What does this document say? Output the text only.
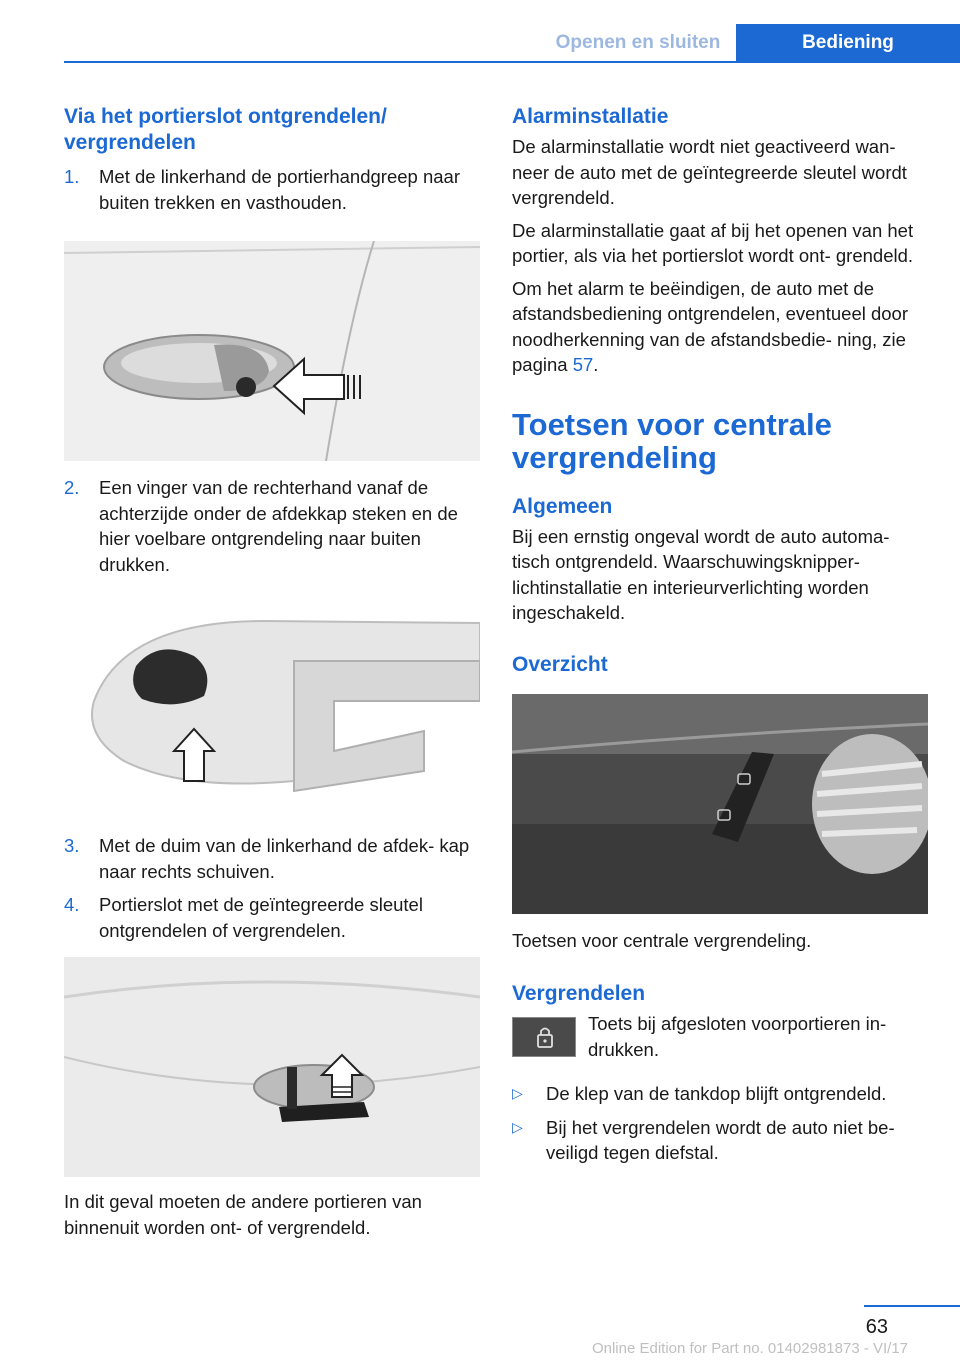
Openen en sluiten	Bediening
Via het portierslot ontgrendelen/ vergrendelen
1.	Met de linkerhand de portierhandgreep naar buiten trekken en vasthouden.
2.	Een vinger van de rechterhand vanaf de achterzijde onder de afdekkap steken en de hier voelbare ontgrendeling naar buiten drukken.
3.	Met de duim van de linkerhand de afdek‐ kap naar rechts schuiven.
4.	Portierslot met de geïntegreerde sleutel ontgrendelen of vergrendelen.

In dit geval moeten de andere portieren van binnenuit worden ont- of vergrendeld.

Alarminstallatie

De alarminstallatie wordt niet geactiveerd wan‐ neer de auto met de geïntegreerde sleutel wordt vergrendeld.

De alarminstallatie gaat af bij het openen van het portier, als via het portierslot wordt ont‐ grendeld.

Om het alarm te beëindigen, de auto met de afstandsbediening ontgrendelen, eventueel door noodherkenning van de afstandsbedie‐ ning, zie pagina 57.

Toetsen voor centrale vergrendeling
Algemeen

Bij een ernstig ongeval wordt de auto automa‐ tisch ontgrendeld. Waarschuwingsknipper‐ lichtinstallatie en interieurverlichting worden ingeschakeld.

Overzicht

Toetsen voor centrale vergrendeling.

Vergrendelen

Toets bij afgesloten voorportieren in‐ drukken.

▷	De klep van de tankdop blijft ontgrendeld.
▷	Bij het vergrendelen wordt de auto niet be‐ veiligd tegen diefstal.
63
Online Edition for Part no. 01402981873 - VI/17
